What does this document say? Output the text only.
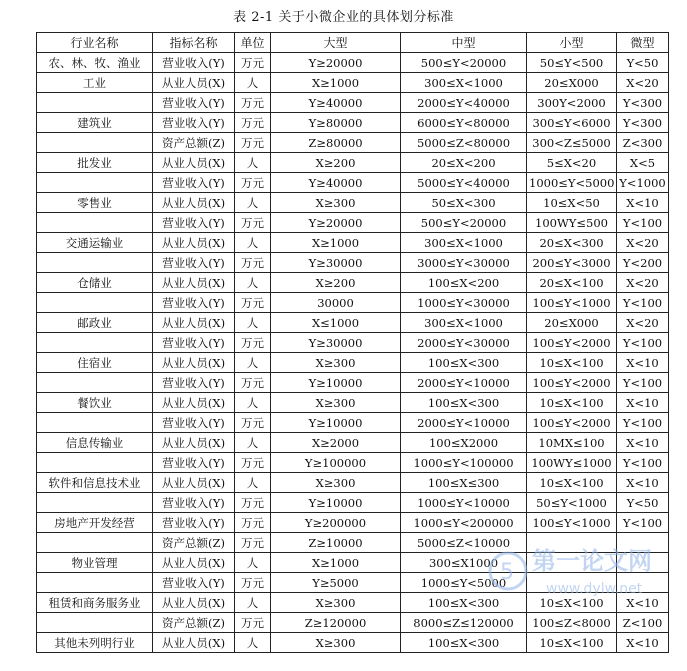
表 2-1 关于小微企业的具体划分标准
行业名称	指标名称	单位	大型	中型	小型	微型
农、林、牧、渔业	营业收入(Y)	万元	Y≥20000	500≤Y<20000	50≤Y<500	Y<50
工业	从业人员(X)	人	X≥1000	300≤X<1000	20≤X000	X<20
	营业收入(Y)	万元	Y≥40000	2000≤Y<40000	300Y<2000	Y<300
建筑业	营业收入(Y)	万元	Y≥80000	6000≤Y<80000	300≤Y<6000	Y<300
	资产总额(Z)	万元	Z≥80000	5000≤Z<80000	300<Z≤5000	Z<300
批发业	从业人员(X)	人	X≥200	20≤X<200	5≤X<20	X<5
	营业收入(Y)	万元	Y≥40000	5000≤Y<40000	1000≤Y<5000	Y<1000
零售业	从业人员(X)	人	X≥300	50≤X<300	10≤X<50	X<10
	营业收入(Y)	万元	Y≥20000	500≤Y<20000	100WY≤500	Y<100
交通运输业	从业人员(X)	人	X≥1000	300≤X<1000	20≤X<300	X<20
	营业收入(Y)	万元	Y≥30000	3000≤Y<30000	200≤Y<3000	Y<200
仓储业	从业人员(X)	人	X≥200	100≤X<200	20≤X<100	X<20
	营业收入(Y)	万元	30000	1000≤Y<30000	100≤Y<1000	Y<100
邮政业	从业人员(X)	人	X≤1000	300≤X<1000	20≤X000	X<20
	营业收入(Y)	万元	Y≥30000	2000≤Y<30000	100≤Y<2000	Y<100
住宿业	从业人员(X)	人	X≥300	100≤X<300	10≤X<100	X<10
	营业收入(Y)	万元	Y≥10000	2000≤Y<10000	100≤Y<2000	Y<100
餐饮业	从业人员(X)	人	X≥300	100≤X<300	10≤X<100	X<10
	营业收入(Y)	万元	Y≥10000	2000≤Y<10000	100≤Y<2000	Y<100
信息传输业	从业人员(X)	人	X≥2000	100≤X2000	10MX≤100	X<10
	营业收入(Y)	万元	Y≥100000	1000≤Y<100000	100WY≤1000	Y<100
软件和信息技术业	从业人员(X)	人	X≥300	100≤X≤300	10≤X<100	X<10
	营业收入(Y)	万元	Y≥10000	1000≤Y<10000	50≤Y<1000	Y<50
房地产开发经营	营业收入(Y)	万元	Y≥200000	1000≤Y<200000	100≤Y<1000	Y<100
	资产总额(Z)	万元	Z≥10000	5000≤Z<10000		
物业管理	从业人员(X)	人	X≥1000	300≤X1000		
	营业收入(Y)	万元	Y≥5000	1000≤Y<5000		
租赁和商务服务业	从业人员(X)	人	X≥300	100≤X<300	10≤X<100	X<10
	资产总额(Z)	万元	Z≥120000	8000≤Z≤120000	100≤Z<8000	Z<100
其他未列明行业	从业人员(X)	人	X≥300	100≤X<300	10≤X<100	X<10
5 第一论文网
www.dylw.net
